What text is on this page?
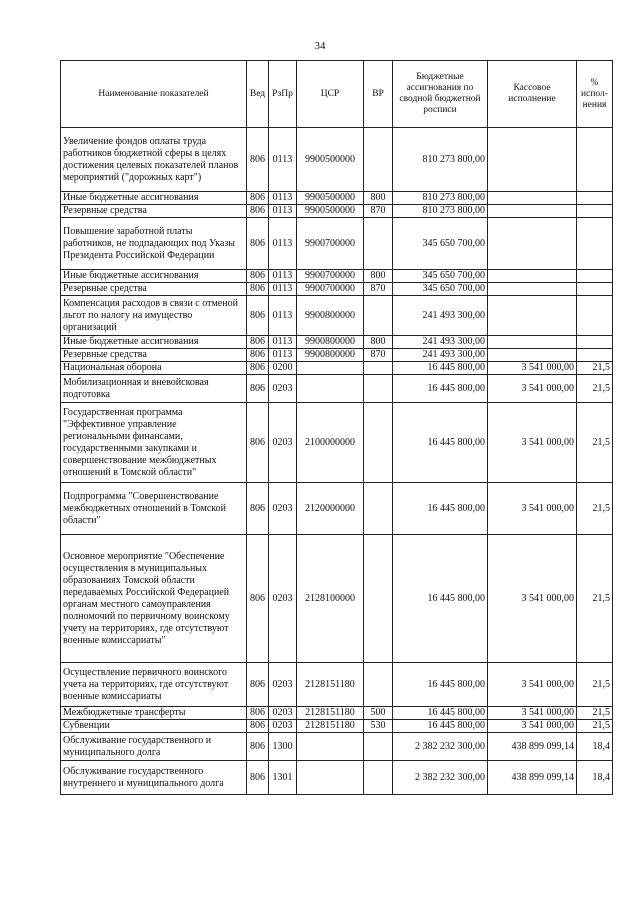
34
Наименование показателей	Вед	РзПр	ЦСР	ВР	Бюджетные ассигнования по сводной бюджетной росписи	Кассовое исполнение	% испол-нения
Увеличение фондов оплаты труда работников бюджетной сферы в целях достижения целевых показателей планов мероприятий ("дорожных карт")	806	0113	9900500000		810 273 800,00		
Иные бюджетные ассигнования	806	0113	9900500000	800	810 273 800,00		
Резервные средства	806	0113	9900500000	870	810 273 800,00		
Повышение заработной платы работников, не подпадающих под Указы Президента Российской Федерации	806	0113	9900700000		345 650 700,00		
Иные бюджетные ассигнования	806	0113	9900700000	800	345 650 700,00		
Резервные средства	806	0113	9900700000	870	345 650 700,00		
Компенсация расходов в связи с отменой льгот по налогу на имущество организаций	806	0113	9900800000		241 493 300,00		
Иные бюджетные ассигнования	806	0113	9900800000	800	241 493 300,00		
Резервные средства	806	0113	9900800000	870	241 493 300,00		
Национальная оборона	806	0200			16 445 800,00	3 541 000,00	21,5
Мобилизационная и вневойсковая подготовка	806	0203			16 445 800,00	3 541 000,00	21,5
Государственная программа "Эффективное управление региональными финансами, государственными закупками и совершенствование межбюджетных отношений в Томской области"	806	0203	2100000000		16 445 800,00	3 541 000,00	21,5
Подпрограмма "Совершенствование межбюджетных отношений в Томской области"	806	0203	2120000000		16 445 800,00	3 541 000,00	21,5
Основное мероприятие "Обеспечение осуществления в муниципальных образованиях Томской области передаваемых Российской Федерацией органам местного самоуправления полномочий по первичному воинскому учету на территориях, где отсутствуют военные комиссариаты"	806	0203	2128100000		16 445 800,00	3 541 000,00	21,5
Осуществление первичного воинского учета на территориях, где отсутствуют военные комиссариаты	806	0203	2128151180		16 445 800,00	3 541 000,00	21,5
Межбюджетные трансферты	806	0203	2128151180	500	16 445 800,00	3 541 000,00	21,5
Субвенции	806	0203	2128151180	530	16 445 800,00	3 541 000,00	21,5
Обслуживание государственного и муниципального долга	806	1300			2 382 232 300,00	438 899 099,14	18,4
Обслуживание государственного внутреннего и муниципального долга	806	1301			2 382 232 300,00	438 899 099,14	18,4
